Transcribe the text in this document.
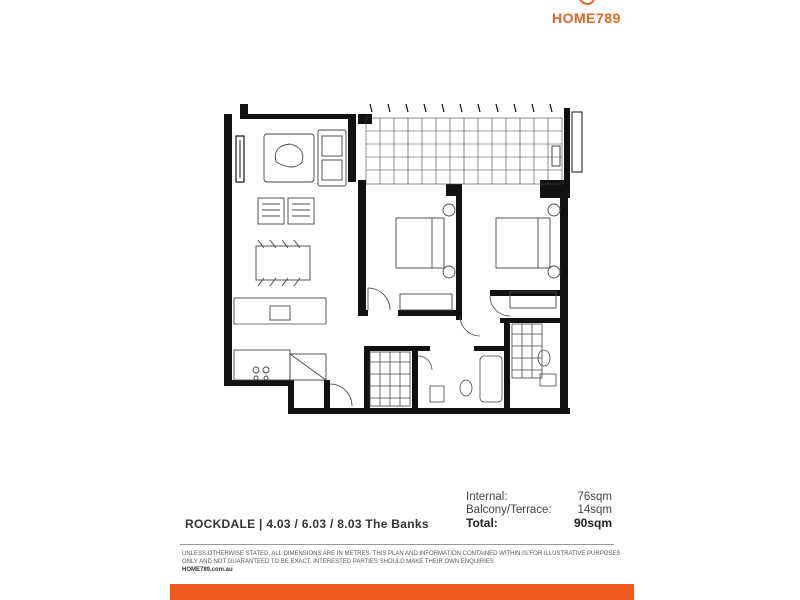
HOME789
ROCKDALE | 4.03 / 6.03 / 8.03 The Banks
Internal:	76sqm
Balcony/Terrace: 14sqm
Total:	90sqm
UNLESS OTHERWISE STATED, ALL DIMENSIONS ARE IN METRES. THIS PLAN AND INFORMATION CONTAINED WITHIN IS FOR ILLUSTRATIVE PURPOSES ONLY AND NOT GUARANTEED TO BE EXACT. INTERESTED PARTIES SHOULD MAKE THEIR OWN ENQUIRIES
HOME789.com.au
